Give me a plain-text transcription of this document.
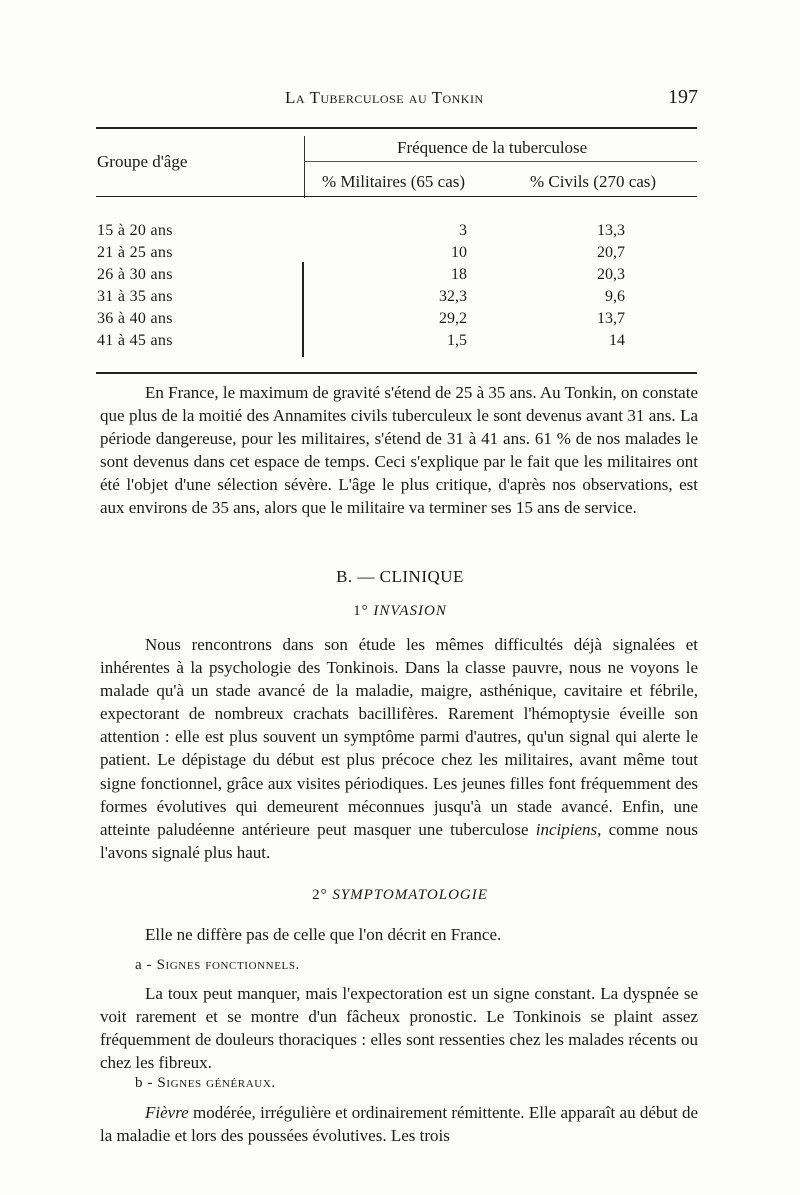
La Tuberculose au Tonkin	197
Groupe d'âge
Fréquence de la tuberculose
% Militaires (65 cas)	% Civils (270 cas)
15 à 20 ans	3	13,3
21 à 25 ans	10	20,7
26 à 30 ans	18	20,3
31 à 35 ans	32,3	9,6
36 à 40 ans	29,2	13,7
41 à 45 ans	1,5	14

En France, le maximum de gravité s'étend de 25 à 35 ans. Au Tonkin, on constate que plus de la moitié des Annamites civils tuberculeux le sont devenus avant 31 ans. La période dangereuse, pour les militaires, s'étend de 31 à 41 ans. 61 % de nos malades le sont devenus dans cet espace de temps. Ceci s'explique par le fait que les militaires ont été l'objet d'une sélection sévère. L'âge le plus critique, d'après nos observations, est aux environs de 35 ans, alors que le militaire va terminer ses 15 ans de service.

B. — CLINIQUE
1° INVASION

Nous rencontrons dans son étude les mêmes difficultés déjà signalées et inhérentes à la psychologie des Tonkinois. Dans la classe pauvre, nous ne voyons le malade qu'à un stade avancé de la maladie, maigre, asthénique, cavitaire et fébrile, expectorant de nombreux crachats bacillifères. Rarement l'hémoptysie éveille son attention : elle est plus souvent un symptôme parmi d'autres, qu'un signal qui alerte le patient. Le dépistage du début est plus précoce chez les militaires, avant même tout signe fonctionnel, grâce aux visites périodiques. Les jeunes filles font fréquemment des formes évolutives qui demeurent méconnues jusqu'à un stade avancé. Enfin, une atteinte paludéenne antérieure peut masquer une tuberculose incipiens, comme nous l'avons signalé plus haut.

2° SYMPTOMATOLOGIE

Elle ne diffère pas de celle que l'on décrit en France.

a - Signes fonctionnels.

La toux peut manquer, mais l'expectoration est un signe constant. La dyspnée se voit rarement et se montre d'un fâcheux pronostic. Le Tonkinois se plaint assez fréquemment de douleurs thoraciques : elles sont ressenties chez les malades récents ou chez les fibreux.

b - Signes généraux.

Fièvre modérée, irrégulière et ordinairement rémittente. Elle apparaît au début de la maladie et lors des poussées évolutives. Les trois
